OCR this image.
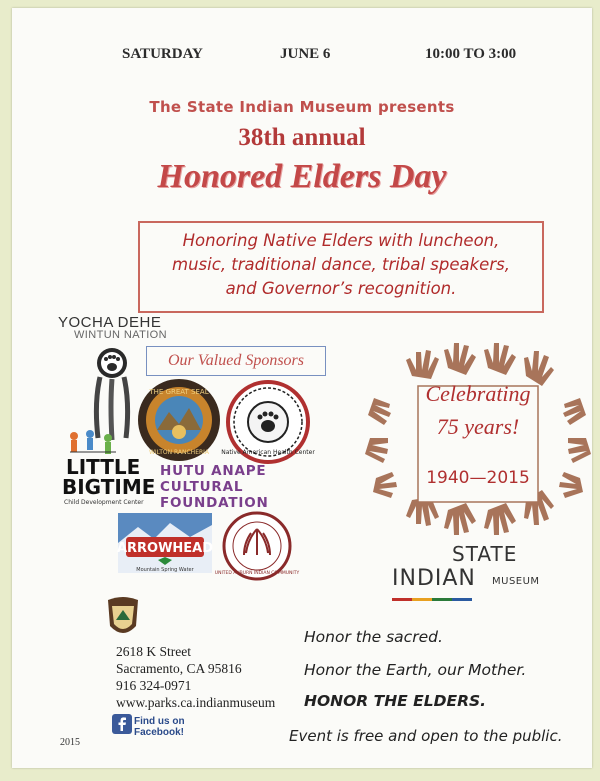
SATURDAY	JUNE 6	10:00 TO 3:00
The State Indian Museum presents
38th annual
Honored Elders Day
Honoring Native Elders with luncheon,
music, traditional dance, tribal speakers,
and Governor’s recognition.
YOCHA DEHE
WINTUN NATION
Our Valued Sponsors
THE GREAT SEAL
WILTON RANCHERIA Native American Health Center
LITTLE
BIGTIME
Child Development Center
HUTU ANAPE
CULTURAL
FOUNDATION
ARROWHEAD
Mountain Spring Water
UNITED AUBURN INDIAN COMMUNITY
Celebrating
75 years!
1940—2015
STATE
INDIAN MUSEUM
2618 K Street
Sacramento, CA 95816
916 324-0971
www.parks.ca.indianmuseum
Find us on
Facebook!
Honor the sacred.
Honor the Earth, our Mother.
HONOR THE ELDERS.
Event is free and open to the public.
2015
